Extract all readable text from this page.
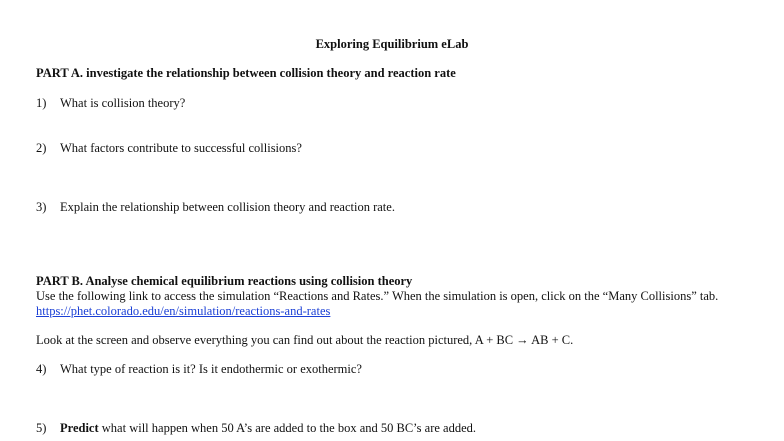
Exploring Equilibrium eLab
PART A. investigate the relationship between collision theory and reaction rate
1) What is collision theory?
2) What factors contribute to successful collisions?
3) Explain the relationship between collision theory and reaction rate.
PART B. Analyse chemical equilibrium reactions using collision theory
Use the following link to access the simulation “Reactions and Rates.” When the simulation is open, click on the “Many Collisions” tab.
https://phet.colorado.edu/en/simulation/reactions-and-rates
Look at the screen and observe everything you can find out about the reaction pictured, A + BC → AB + C.
4) What type of reaction is it? Is it endothermic or exothermic?
5) Predict what will happen when 50 A’s are added to the box and 50 BC’s are added.
